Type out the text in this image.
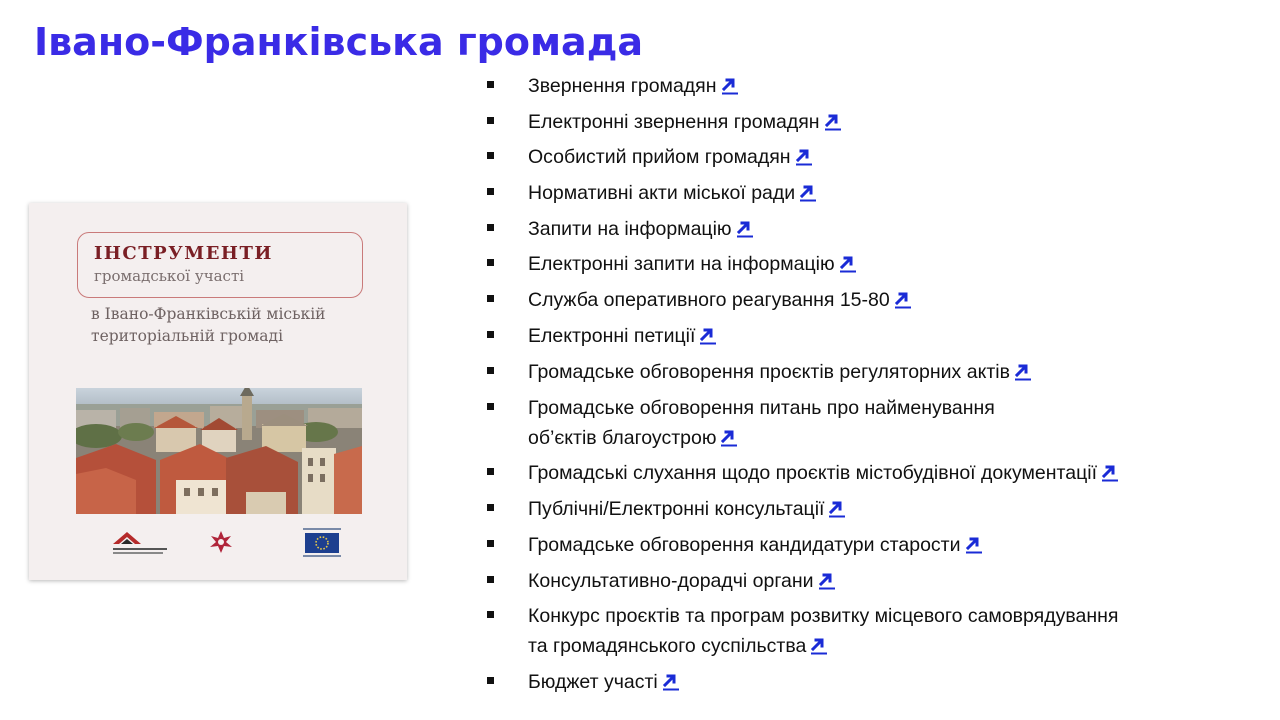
Івано-Франківська громада
ІНСТРУМЕНТИ
громадської участі
в Івано-Франківській міській
територіальній громаді
Звернення громадян
Електронні звернення громадян
Особистий прийом громадян
Нормативні акти міської ради
Запити на інформацію
Електронні запити на інформацію
Служба оперативного реагування 15-80
Електронні петиції
Громадське обговорення проєктів регуляторних актів
Громадське обговорення питань про найменування
об’єктів благоустрою
Громадські слухання щодо проєктів містобудівної документації
Публічні/Електронні консультації
Громадське обговорення кандидатури старости
Консультативно-дорадчі органи
Конкурс проєктів та програм розвитку місцевого самоврядування
та громадянського суспільства
Бюджет участі
